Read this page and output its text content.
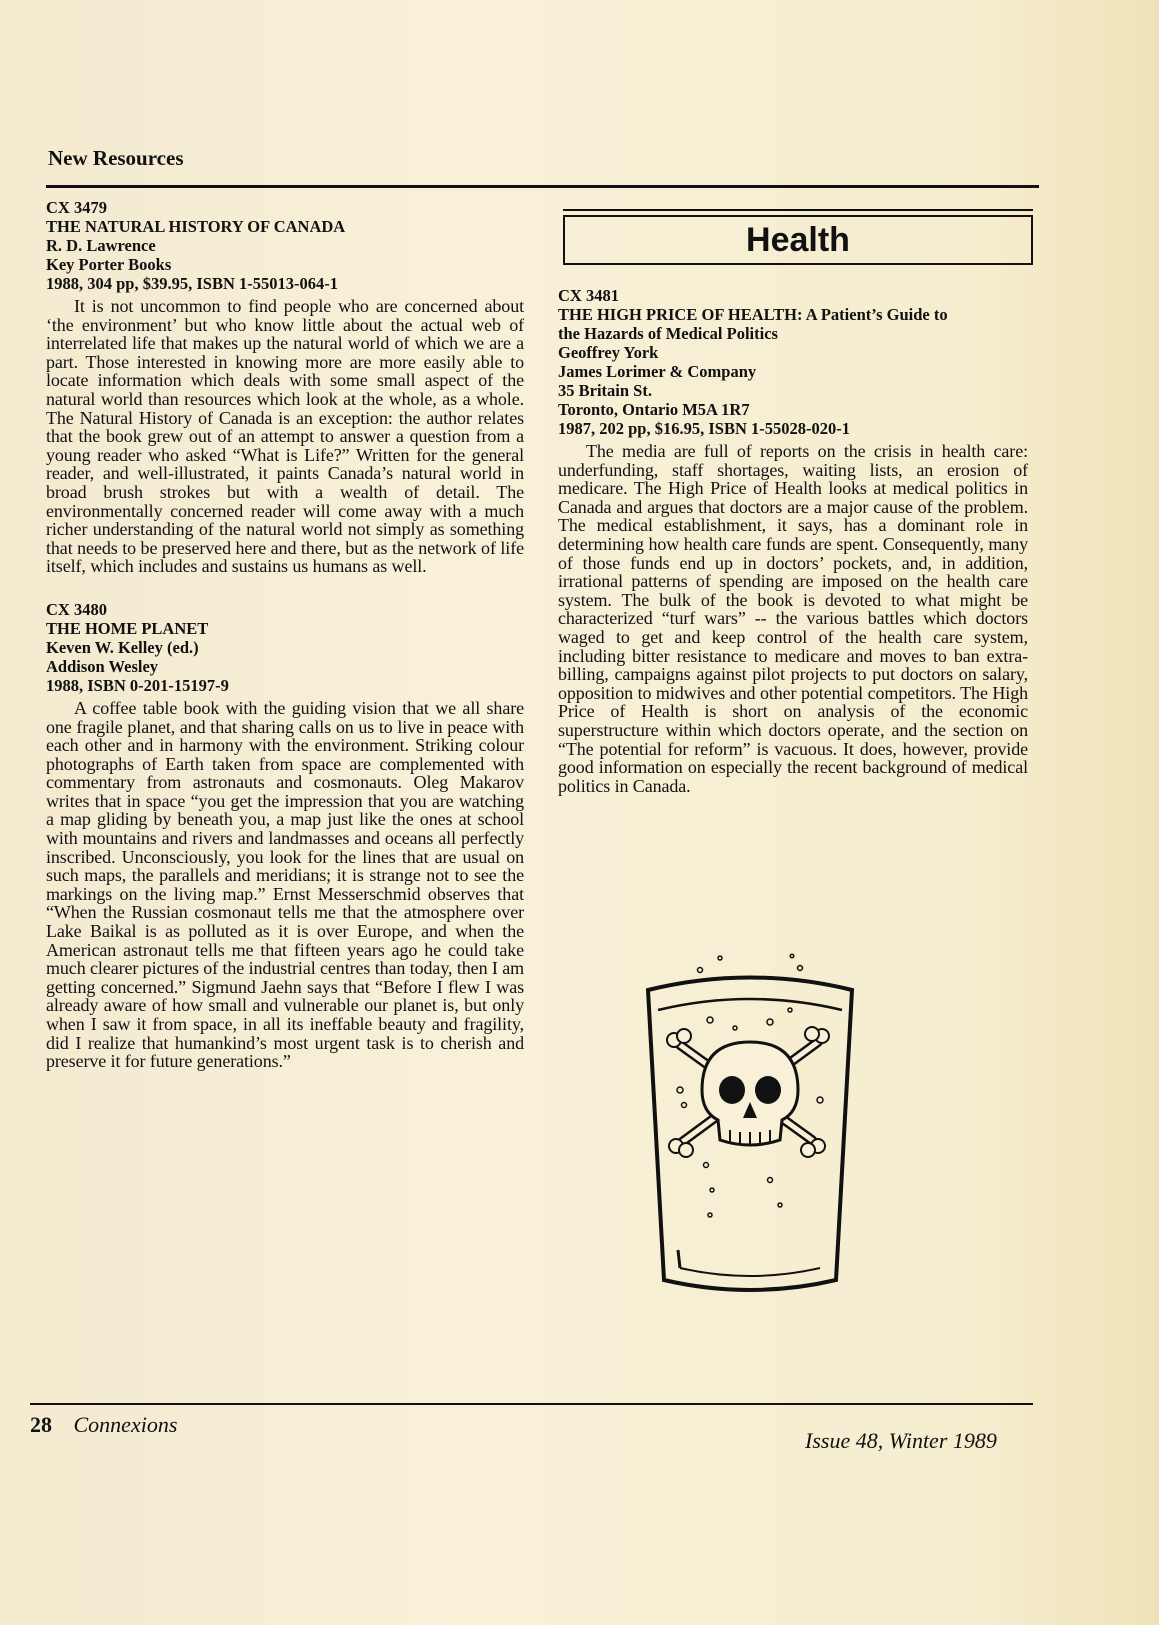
New Resources
CX 3479
THE NATURAL HISTORY OF CANADA
R. D. Lawrence
Key Porter Books
1988, 304 pp, $39.95, ISBN 1-55013-064-1

It is not uncommon to find people who are concerned about ‘the environment’ but who know little about the actual web of interrelated life that makes up the natural world of which we are a part. Those interested in knowing more are more easily able to locate information which deals with some small aspect of the natural world than resources which look at the whole, as a whole. The Natural History of Canada is an exception: the author relates that the book grew out of an attempt to answer a question from a young reader who asked “What is Life?” Written for the general reader, and well-illustrated, it paints Canada’s natural world in broad brush strokes but with a wealth of detail. The environmentally concerned reader will come away with a much richer understanding of the natural world not simply as something that needs to be preserved here and there, but as the network of life itself, which includes and sustains us humans as well.

CX 3480
THE HOME PLANET
Keven W. Kelley (ed.)
Addison Wesley
1988, ISBN 0-201-15197-9

A coffee table book with the guiding vision that we all share one fragile planet, and that sharing calls on us to live in peace with each other and in harmony with the environment. Striking colour photographs of Earth taken from space are complemented with commentary from astronauts and cosmonauts. Oleg Makarov writes that in space “you get the impression that you are watching a map gliding by beneath you, a map just like the ones at school with mountains and rivers and landmasses and oceans all perfectly inscribed. Unconsciously, you look for the lines that are usual on such maps, the parallels and meridians; it is strange not to see the markings on the living map.” Ernst Messerschmid observes that “When the Russian cosmonaut tells me that the atmosphere over Lake Baikal is as polluted as it is over Europe, and when the American astronaut tells me that fifteen years ago he could take much clearer pictures of the industrial centres than today, then I am getting concerned.” Sigmund Jaehn says that “Before I flew I was already aware of how small and vulnerable our planet is, but only when I saw it from space, in all its ineffable beauty and fragility, did I realize that humankind’s most urgent task is to cherish and preserve it for future generations.”

Health
CX 3481
THE HIGH PRICE OF HEALTH: A Patient’s Guide to
the Hazards of Medical Politics
Geoffrey York
James Lorimer & Company
35 Britain St.
Toronto, Ontario M5A 1R7
1987, 202 pp, $16.95, ISBN 1-55028-020-1

The media are full of reports on the crisis in health care: underfunding, staff shortages, waiting lists, an erosion of medicare. The High Price of Health looks at medical politics in Canada and argues that doctors are a major cause of the problem. The medical establishment, it says, has a dominant role in determining how health care funds are spent. Consequently, many of those funds end up in doctors’ pockets, and, in addition, irrational patterns of spending are imposed on the health care system. The bulk of the book is devoted to what might be characterized “turf wars” -- the various battles which doctors waged to get and keep control of the health care system, including bitter resistance to medicare and moves to ban extra-billing, campaigns against pilot projects to put doctors on salary, opposition to midwives and other potential competitors. The High Price of Health is short on analysis of the economic superstructure within which doctors operate, and the section on “The potential for reform” is vacuous. It does, however, provide good information on especially the recent background of medical politics in Canada.

28 Connexions
Issue 48, Winter 1989
